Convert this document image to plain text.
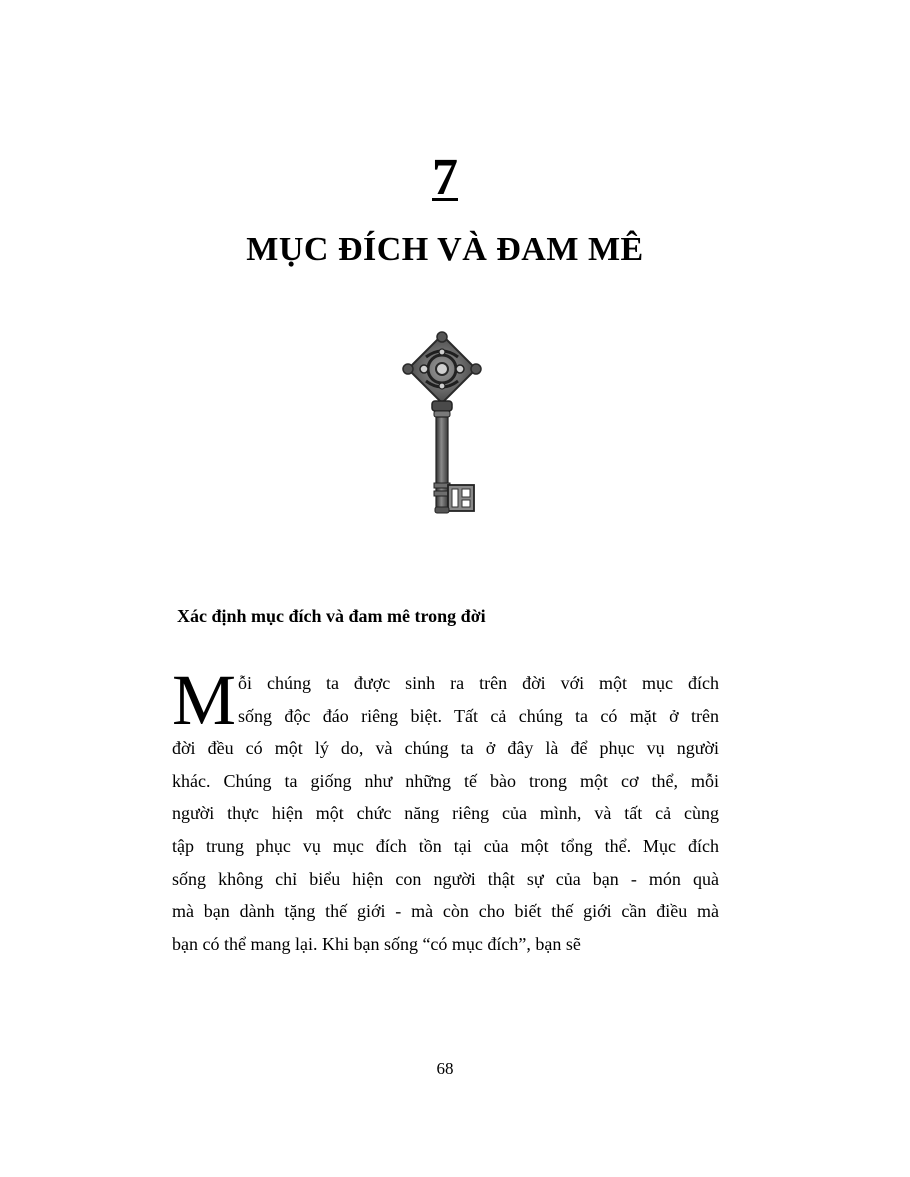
7
MỤC ĐÍCH VÀ ĐAM MÊ
Xác định mục đích và đam mê trong đời
M ỗi chúng ta được sinh ra trên đời với một mục đích
sống độc đáo riêng biệt. Tất cả chúng ta có mặt ở trên
đời đều có một lý do, và chúng ta ở đây là để phục vụ người
khác. Chúng ta giống như những tế bào trong một cơ thể, mỗi
người thực hiện một chức năng riêng của mình, và tất cả cùng
tập trung phục vụ mục đích tồn tại của một tổng thể. Mục đích
sống không chỉ biểu hiện con người thật sự của bạn - món quà
mà bạn dành tặng thế giới - mà còn cho biết thế giới cần điều mà
bạn có thể mang lại. Khi bạn sống “có mục đích”, bạn sẽ
68
